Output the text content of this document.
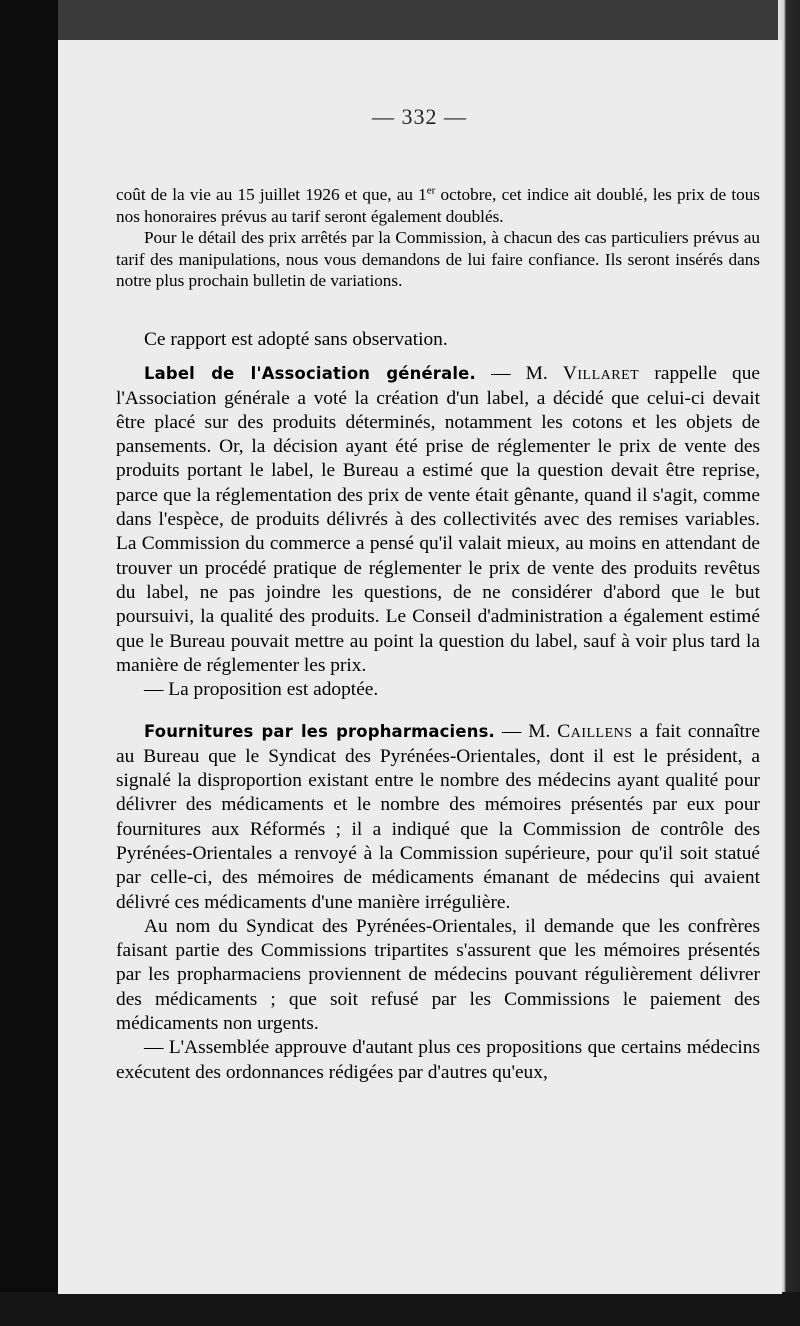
— 332 —

coût de la vie au 15 juillet 1926 et que, au 1er octobre, cet indice ait doublé, les prix de tous nos honoraires prévus au tarif seront également doublés.

Pour le détail des prix arrêtés par la Commission, à chacun des cas particuliers prévus au tarif des manipulations, nous vous demandons de lui faire confiance. Ils seront insérés dans notre plus prochain bulletin de variations.

Ce rapport est adopté sans observation.

Label de l'Association générale. — M. Villaret rappelle que l'Association générale a voté la création d'un label, a décidé que celui-ci devait être placé sur des produits déterminés, notamment les cotons et les objets de pansements. Or, la décision ayant été prise de réglementer le prix de vente des produits portant le label, le Bureau a estimé que la question devait être reprise, parce que la réglementation des prix de vente était gênante, quand il s'agit, comme dans l'espèce, de produits délivrés à des collectivités avec des remises variables. La Commission du commerce a pensé qu'il valait mieux, au moins en attendant de trouver un procédé pratique de réglementer le prix de vente des produits revêtus du label, ne pas joindre les questions, de ne considérer d'abord que le but poursuivi, la qualité des produits. Le Conseil d'administration a également estimé que le Bureau pouvait mettre au point la question du label, sauf à voir plus tard la manière de réglementer les prix.

— La proposition est adoptée.

Fournitures par les propharmaciens. — M. Caillens a fait connaître au Bureau que le Syndicat des Pyrénées-Orientales, dont il est le président, a signalé la disproportion existant entre le nombre des médecins ayant qualité pour délivrer des médicaments et le nombre des mémoires présentés par eux pour fournitures aux Réformés ; il a indiqué que la Commission de contrôle des Pyrénées-Orientales a renvoyé à la Commission supérieure, pour qu'il soit statué par celle-ci, des mémoires de médicaments émanant de médecins qui avaient délivré ces médicaments d'une manière irrégulière.

Au nom du Syndicat des Pyrénées-Orientales, il demande que les confrères faisant partie des Commissions tripartites s'assurent que les mémoires présentés par les propharmaciens proviennent de médecins pouvant régulièrement délivrer des médicaments ; que soit refusé par les Commissions le paiement des médicaments non urgents.

— L'Assemblée approuve d'autant plus ces propositions que certains médecins exécutent des ordonnances rédigées par d'autres qu'eux,
